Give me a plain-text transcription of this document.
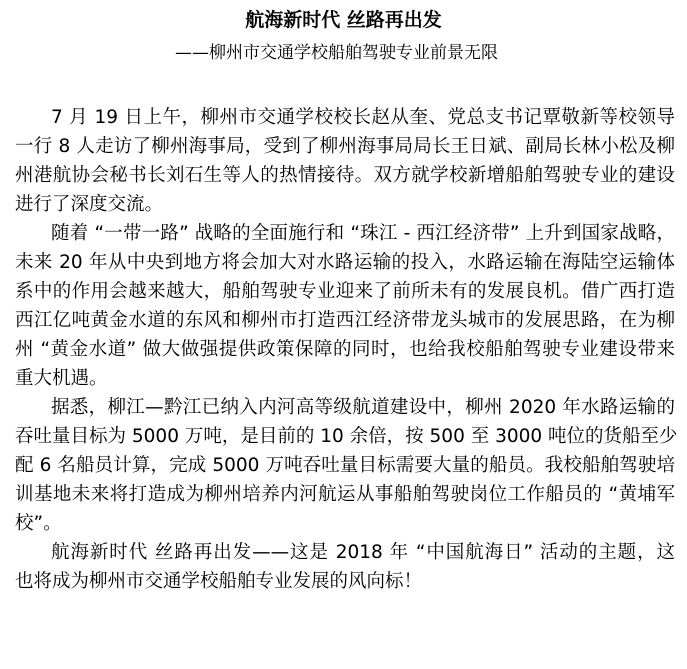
航海新时代 丝路再出发
——柳州市交通学校船舶驾驶专业前景无限
7 月 19 日上午，柳州市交通学校校长赵从奎、党总支书记覃敬新等校领导
一行 8 人走访了柳州海事局，受到了柳州海事局局长王日斌、副局长林小松及柳
州港航协会秘书长刘石生等人的热情接待。双方就学校新增船舶驾驶专业的建设
进行了深度交流。
随着 “一带一路” 战略的全面施行和 “珠江 - 西江经济带” 上升到国家战略，
未来 20 年从中央到地方将会加大对水路运输的投入，水路运输在海陆空运输体
系中的作用会越来越大，船舶驾驶专业迎来了前所未有的发展良机。借广西打造
西江亿吨黄金水道的东风和柳州市打造西江经济带龙头城市的发展思路，在为柳
州 “黄金水道” 做大做强提供政策保障的同时，也给我校船舶驾驶专业建设带来
重大机遇。
据悉，柳江—黔江已纳入内河高等级航道建设中，柳州 2020 年水路运输的
吞吐量目标为 5000 万吨，是目前的 10 余倍，按 500 至 3000 吨位的货船至少
配 6 名船员计算，完成 5000 万吨吞吐量目标需要大量的船员。我校船舶驾驶培
训基地未来将打造成为柳州培养内河航运从事船舶驾驶岗位工作船员的 “黄埔军
校”。
航海新时代 丝路再出发——这是 2018 年 “中国航海日” 活动的主题，这
也将成为柳州市交通学校船舶专业发展的风向标！
